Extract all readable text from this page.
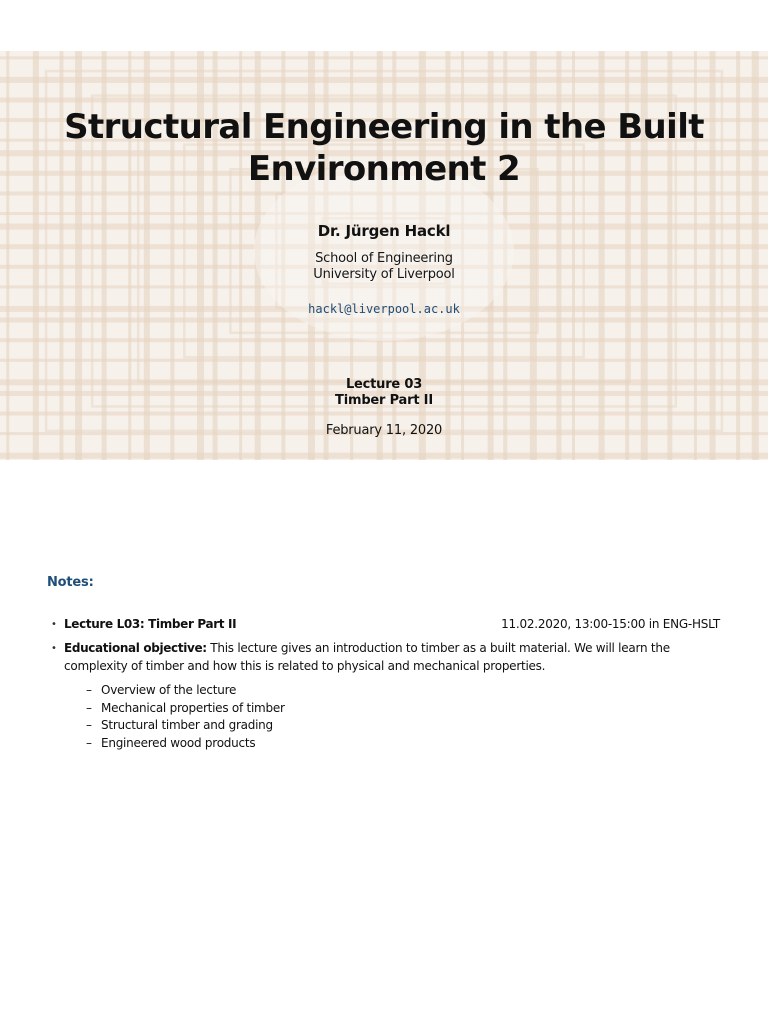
Structural Engineering in the Built
Environment 2
Dr. Jürgen Hackl
School of Engineering
University of Liverpool
hackl@liverpool.ac.uk
Lecture 03
Timber Part II
February 11, 2020
Notes:
• Lecture L03: Timber Part II	11.02.2020, 13:00-15:00 in ENG-HSLT
• Educational objective: This lecture gives an introduction to timber as a built material. We will learn the complexity of timber and how this is related to physical and mechanical properties.
– Overview of the lecture
– Mechanical properties of timber
– Structural timber and grading
– Engineered wood products
